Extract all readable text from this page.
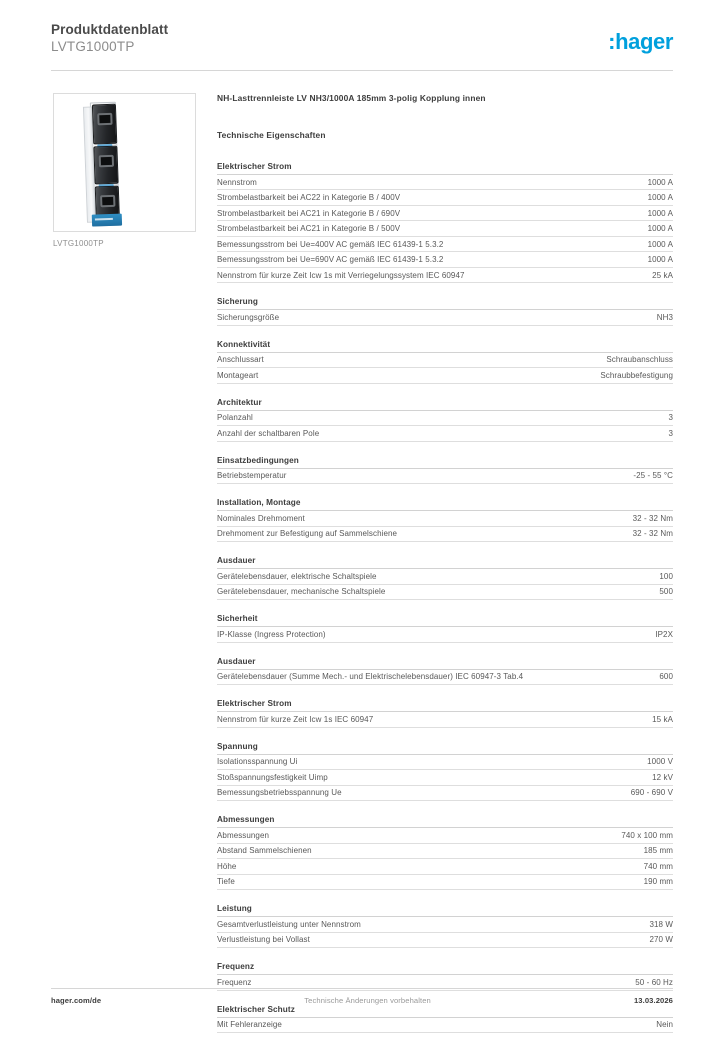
Produktdatenblatt
LVTG1000TP	:hager
LVTG1000TP
NH-Lasttrennleiste LV NH3/1000A 185mm 3-polig Kopplung innen
Technische Eigenschaften
Elektrischer Strom
Nennstrom	1000 A
Strombelastbarkeit bei AC22 in Kategorie B / 400V	1000 A
Strombelastbarkeit bei AC21 in Kategorie B / 690V	1000 A
Strombelastbarkeit bei AC21 in Kategorie B / 500V	1000 A
Bemessungsstrom bei Ue=400V AC gemäß IEC 61439-1 5.3.2	1000 A
Bemessungsstrom bei Ue=690V AC gemäß IEC 61439-1 5.3.2	1000 A
Nennstrom für kurze Zeit Icw 1s mit Verriegelungssystem IEC 60947	25 kA
Sicherung
Sicherungsgröße	NH3
Konnektivität
Anschlussart	Schraubanschluss
Montageart	Schraubbefestigung
Architektur
Polanzahl	3
Anzahl der schaltbaren Pole	3
Einsatzbedingungen
Betriebstemperatur	-25 - 55 °C
Installation, Montage
Nominales Drehmoment	32 - 32 Nm
Drehmoment zur Befestigung auf Sammelschiene	32 - 32 Nm
Ausdauer
Gerätelebensdauer, elektrische Schaltspiele	100
Gerätelebensdauer, mechanische Schaltspiele	500
Sicherheit
IP-Klasse (Ingress Protection)	IP2X
Ausdauer
Gerätelebensdauer (Summe Mech.- und Elektrischelebensdauer) IEC 60947-3 Tab.4	600
Elektrischer Strom
Nennstrom für kurze Zeit Icw 1s IEC 60947	15 kA
Spannung
Isolationsspannung Ui	1000 V
Stoßspannungsfestigkeit Uimp	12 kV
Bemessungsbetriebsspannung Ue	690 - 690 V
Abmessungen
Abmessungen	740 x 100 mm
Abstand Sammelschienen	185 mm
Höhe	740 mm
Tiefe	190 mm
Leistung
Gesamtverlustleistung unter Nennstrom	318 W
Verlustleistung bei Vollast	270 W
Frequenz
Frequenz	50 - 60 Hz
Elektrischer Schutz
Mit Fehleranzeige	Nein
hager.com/de	Technische Änderungen vorbehalten	13.03.2026
